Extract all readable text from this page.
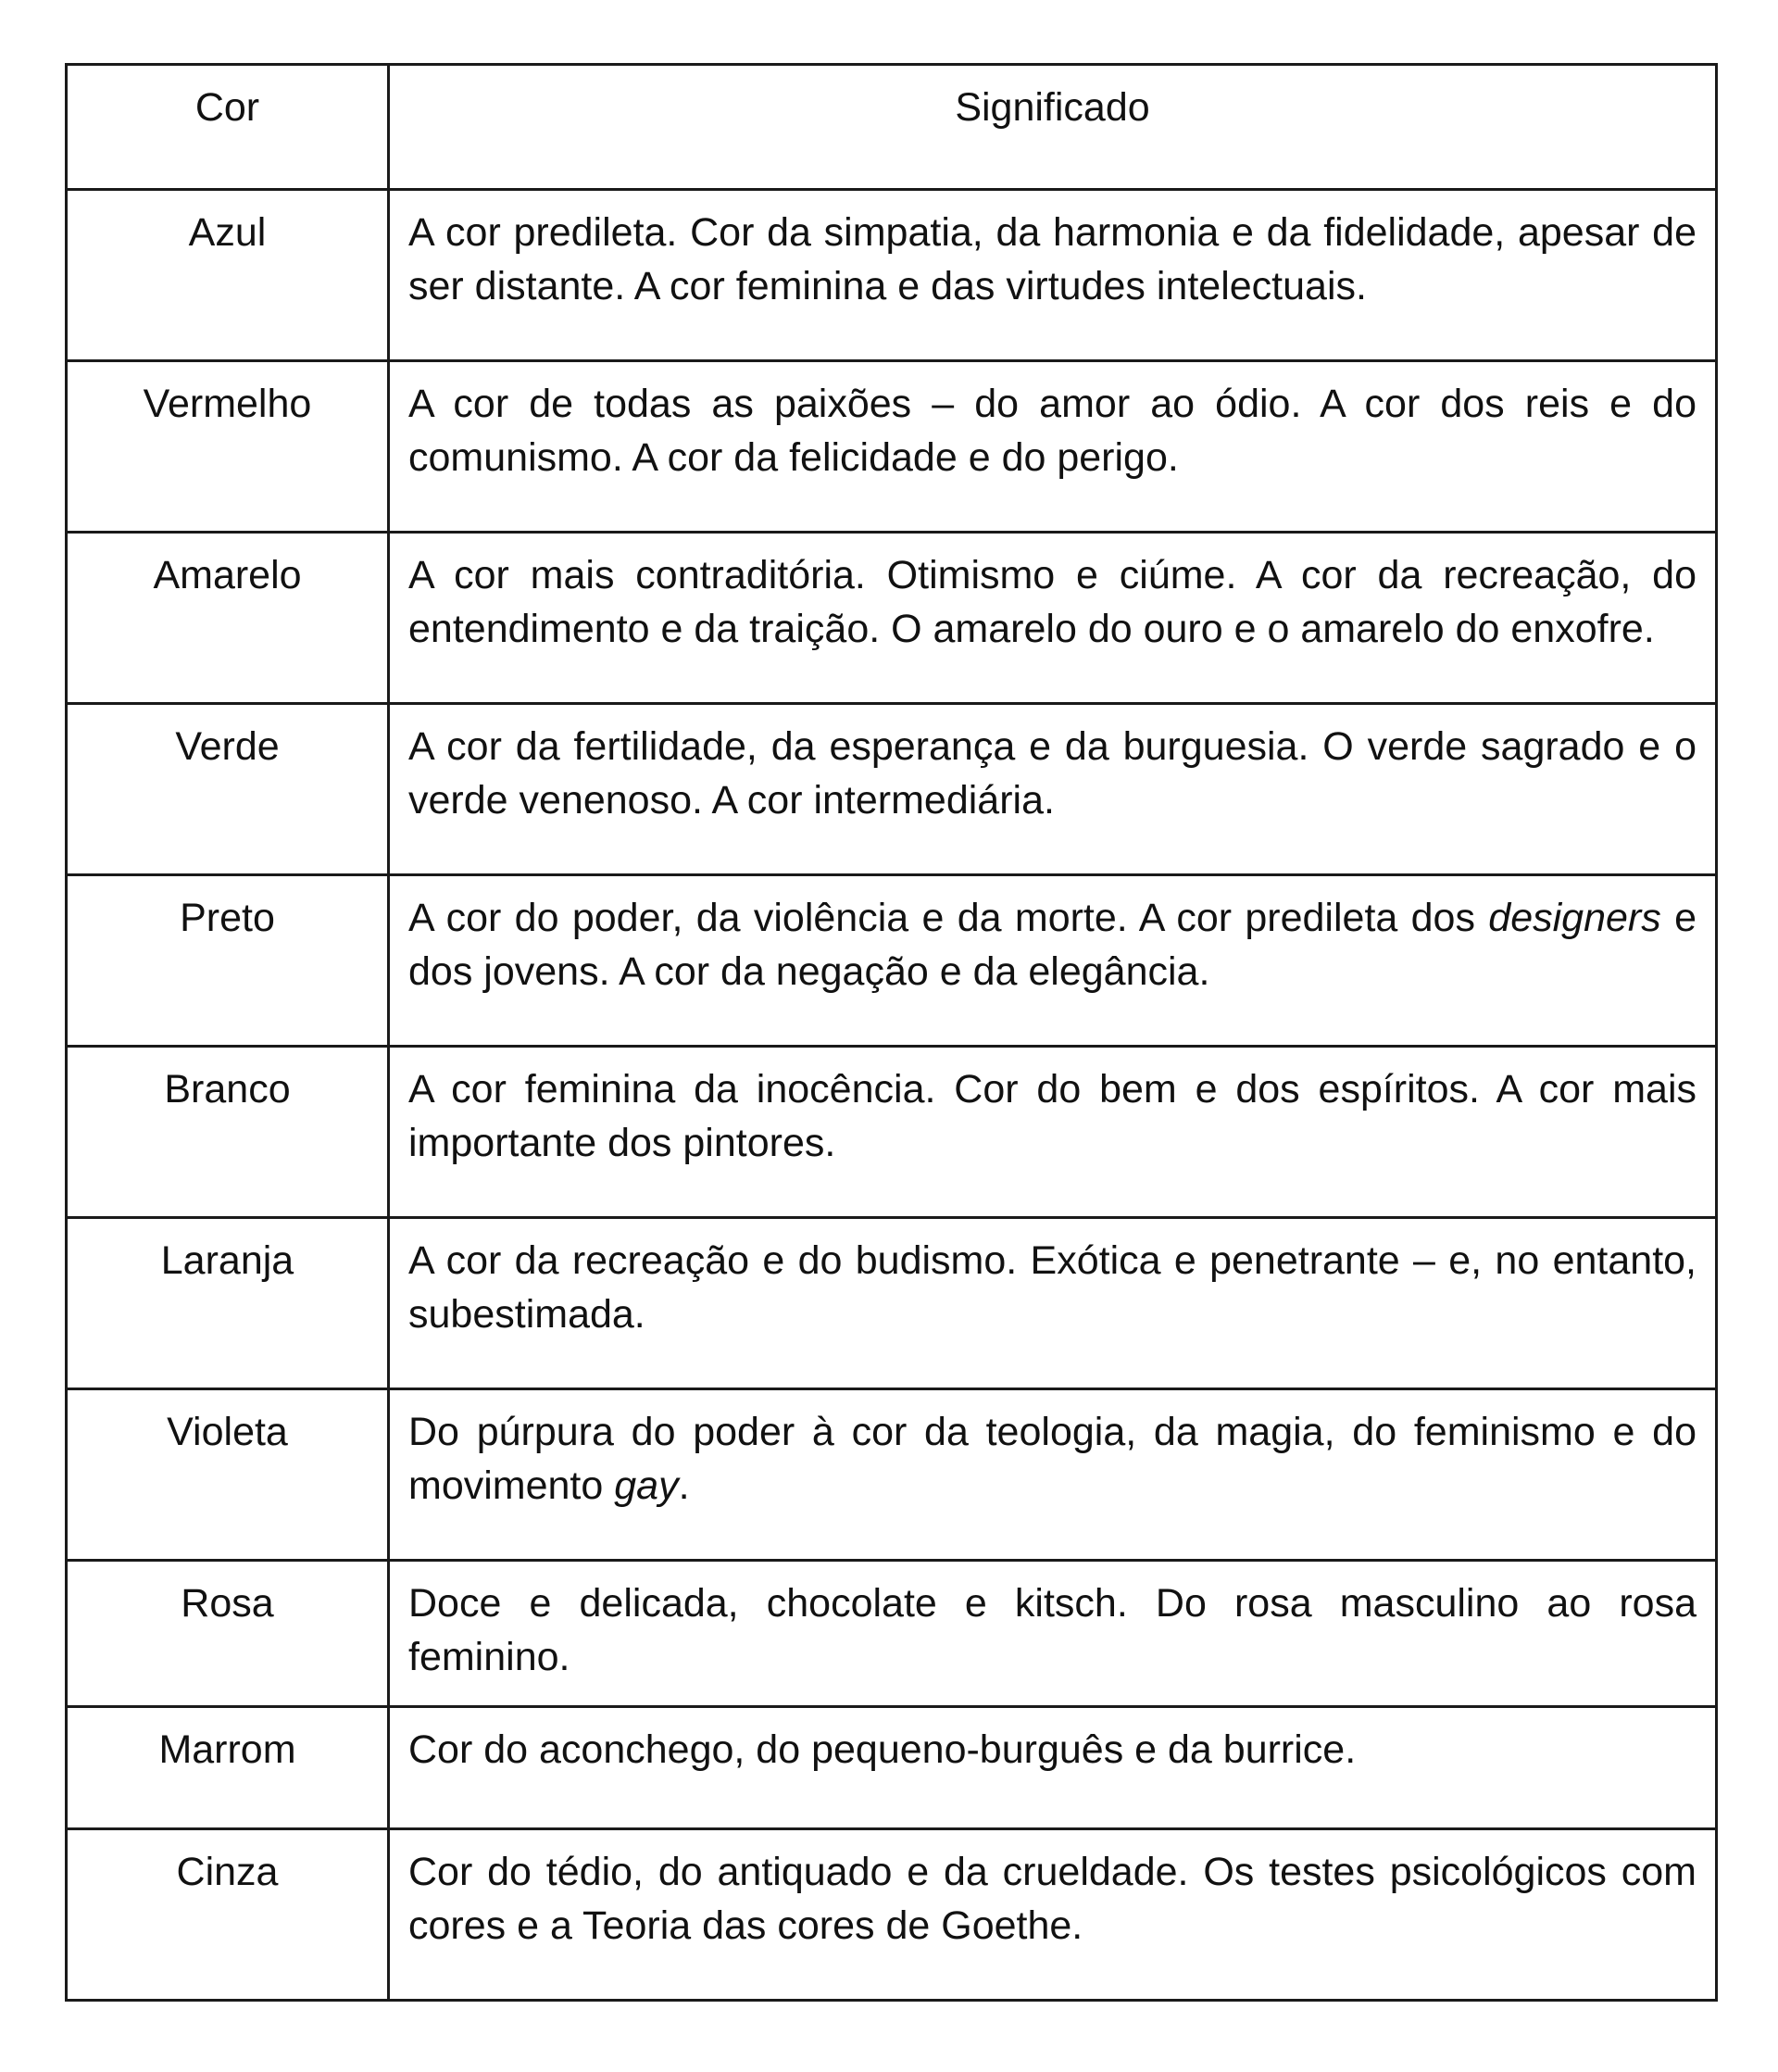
Cor	Significado

Azul	A cor predileta. Cor da simpatia, da harmonia e da fidelidade, apesar de ser distante. A cor feminina e das virtudes intelectuais.

Vermelho	A cor de todas as paixões – do amor ao ódio. A cor dos reis e do comunismo. A cor da felicidade e do perigo.

Amarelo	A cor mais contraditória. Otimismo e ciúme. A cor da recreação, do entendimento e da traição. O amarelo do ouro e o amarelo do enxofre.

Verde	A cor da fertilidade, da esperança e da burguesia. O verde sagrado e o verde venenoso. A cor intermediária.

Preto	A cor do poder, da violência e da morte. A cor predileta dos designers e dos jovens. A cor da negação e da elegância.

Branco	A cor feminina da inocência. Cor do bem e dos espíritos. A cor mais importante dos pintores.

Laranja	A cor da recreação e do budismo. Exótica e penetrante – e, no entanto, subestimada.

Violeta	Do púrpura do poder à cor da teologia, da magia, do feminismo e do movimento gay.

Rosa	Doce e delicada, chocolate e kitsch. Do rosa masculino ao rosa feminino.

Marrom	Cor do aconchego, do pequeno-burguês e da burrice.

Cinza	Cor do tédio, do antiquado e da crueldade. Os testes psicológicos com cores e a Teoria das cores de Goethe.
